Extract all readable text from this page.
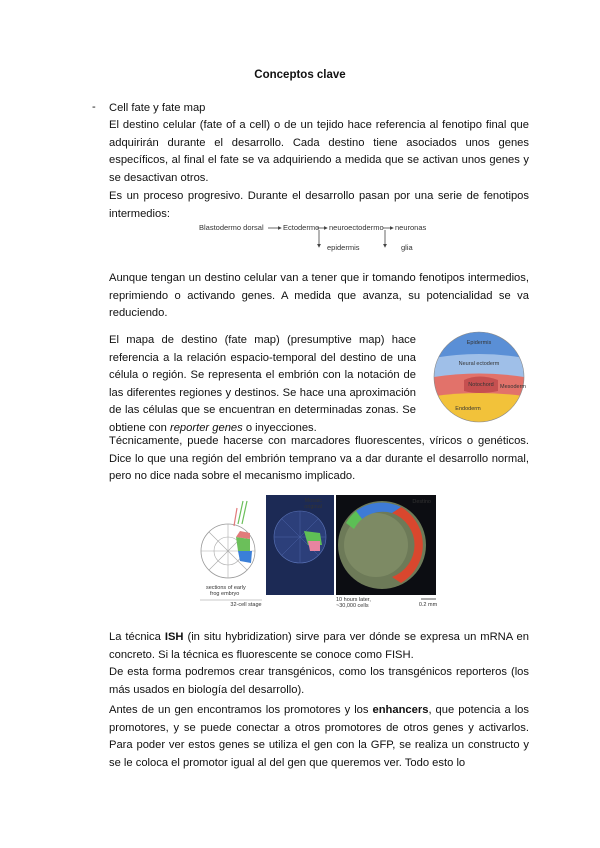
Conceptos clave
- Cell fate y fate map

El destino celular (fate of a cell) o de un tejido hace referencia al fenotipo final que adquirirán durante el desarrollo. Cada destino tiene asociados unos genes específicos, al final el fate se va adquiriendo a medida que se activan unos genes y se desactivan otros.

Es un proceso progresivo. Durante el desarrollo pasan por una serie de fenotipos intermedios:

Blastodermo dorsal	Ectodermo neuroectodermo neuronas
epidermis	glia

Aunque tengan un destino celular van a tener que ir tomando fenotipos intermedios, reprimiendo o activando genes. A medida que avanza, su potencialidad se va reduciendo.

El mapa de destino (fate map) (presumptive map) hace referencia a la relación espacio-temporal del destino de una célula o región. Se representa el embrión con la notación de las diferentes regiones y destinos. Se hace una aproximación de las células que se encuentran en determinadas zonas. Se obtiene con reporter genes o inyecciones.

Epidermis
Neural ectoderm
Notochord Mesoderm
Endoderm

Técnicamente, puede hacerse con marcadores fluorescentes, víricos o genéticos. Dice lo que una región del embrión temprano va a dar durante el desarrollo normal, pero no dice nada sobre el mecanismo implicado.

sections of early
frog embryo
Mosaic
original
Destino
32-cell stage
10 hours later,
~30,000 cells	0.2 mm

La técnica ISH (in situ hybridization) sirve para ver dónde se expresa un mRNA en concreto. Si la técnica es fluorescente se conoce como FISH.

De esta forma podremos crear transgénicos, como los transgénicos reporteros (los más usados en biología del desarrollo).

Antes de un gen encontramos los promotores y los enhancers, que potencia a los promotores, y se puede conectar a otros promotores de otros genes y activarlos. Para poder ver estos genes se utiliza el gen con la GFP, se realiza un constructo y se le coloca el promotor igual al del gen que queremos ver. Todo esto lo
